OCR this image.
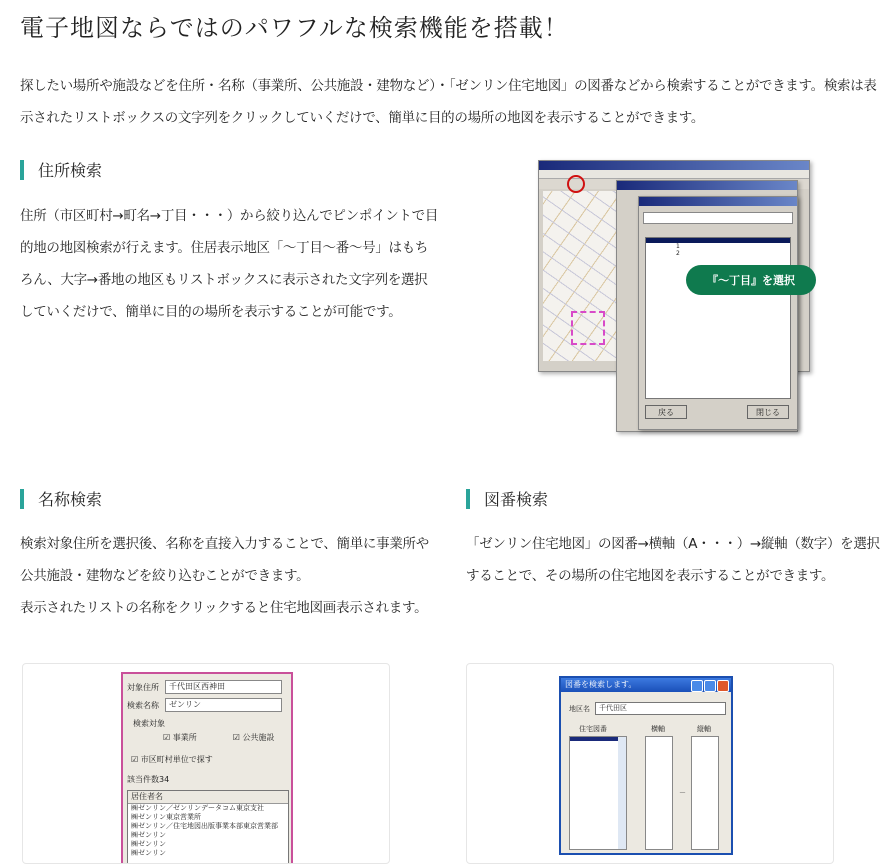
電子地図ならではのパワフルな検索機能を搭載！

探したい場所や施設などを住所・名称（事業所、公共施設・建物など）・「ゼンリン住宅地図」の図番などから検索することができます。検索は表示されたリストボックスの文字列をクリックしていくだけで、簡単に目的の場所の地図を表示することができます。

住所検索

住所（市区町村→町名→丁目・・・）から絞り込んでピンポイントで目的地の地図検索が行えます。住居表示地区「～丁目～番～号」はもちろん、大字→番地の地区もリストボックスに表示された文字列を選択していくだけで、簡単に目的の場所を表示することが可能です。

1
2
戻る	閉じる
『～丁目』を選択
名称検索

検索対象住所を選択後、名称を直接入力することで、簡単に事業所や公共施設・建物などを絞り込むことができます。
表示されたリストの名称をクリックすると住宅地図画表示されます。

図番検索

「ゼンリン住宅地図」の図番→横軸（A・・・）→縦軸（数字）を選択することで、その場所の住宅地図を表示することができます。

対象住所	千代田区西神田
検索名称	ゼンリン
検索対象
☑ 事業所	☑ 公共施設
☑ 市区町村単位で探す
該当件数34
居住者名
㈱ゼンリン／ゼンリンデータコム東京支社
㈱ゼンリン東京営業所
㈱ゼンリン／住宅地図出版事業本部東京営業部
㈱ゼンリン
㈱ゼンリン
㈱ゼンリン
図番を検索します。
地区名	千代田区
住宅図番	横軸	縦軸
－
